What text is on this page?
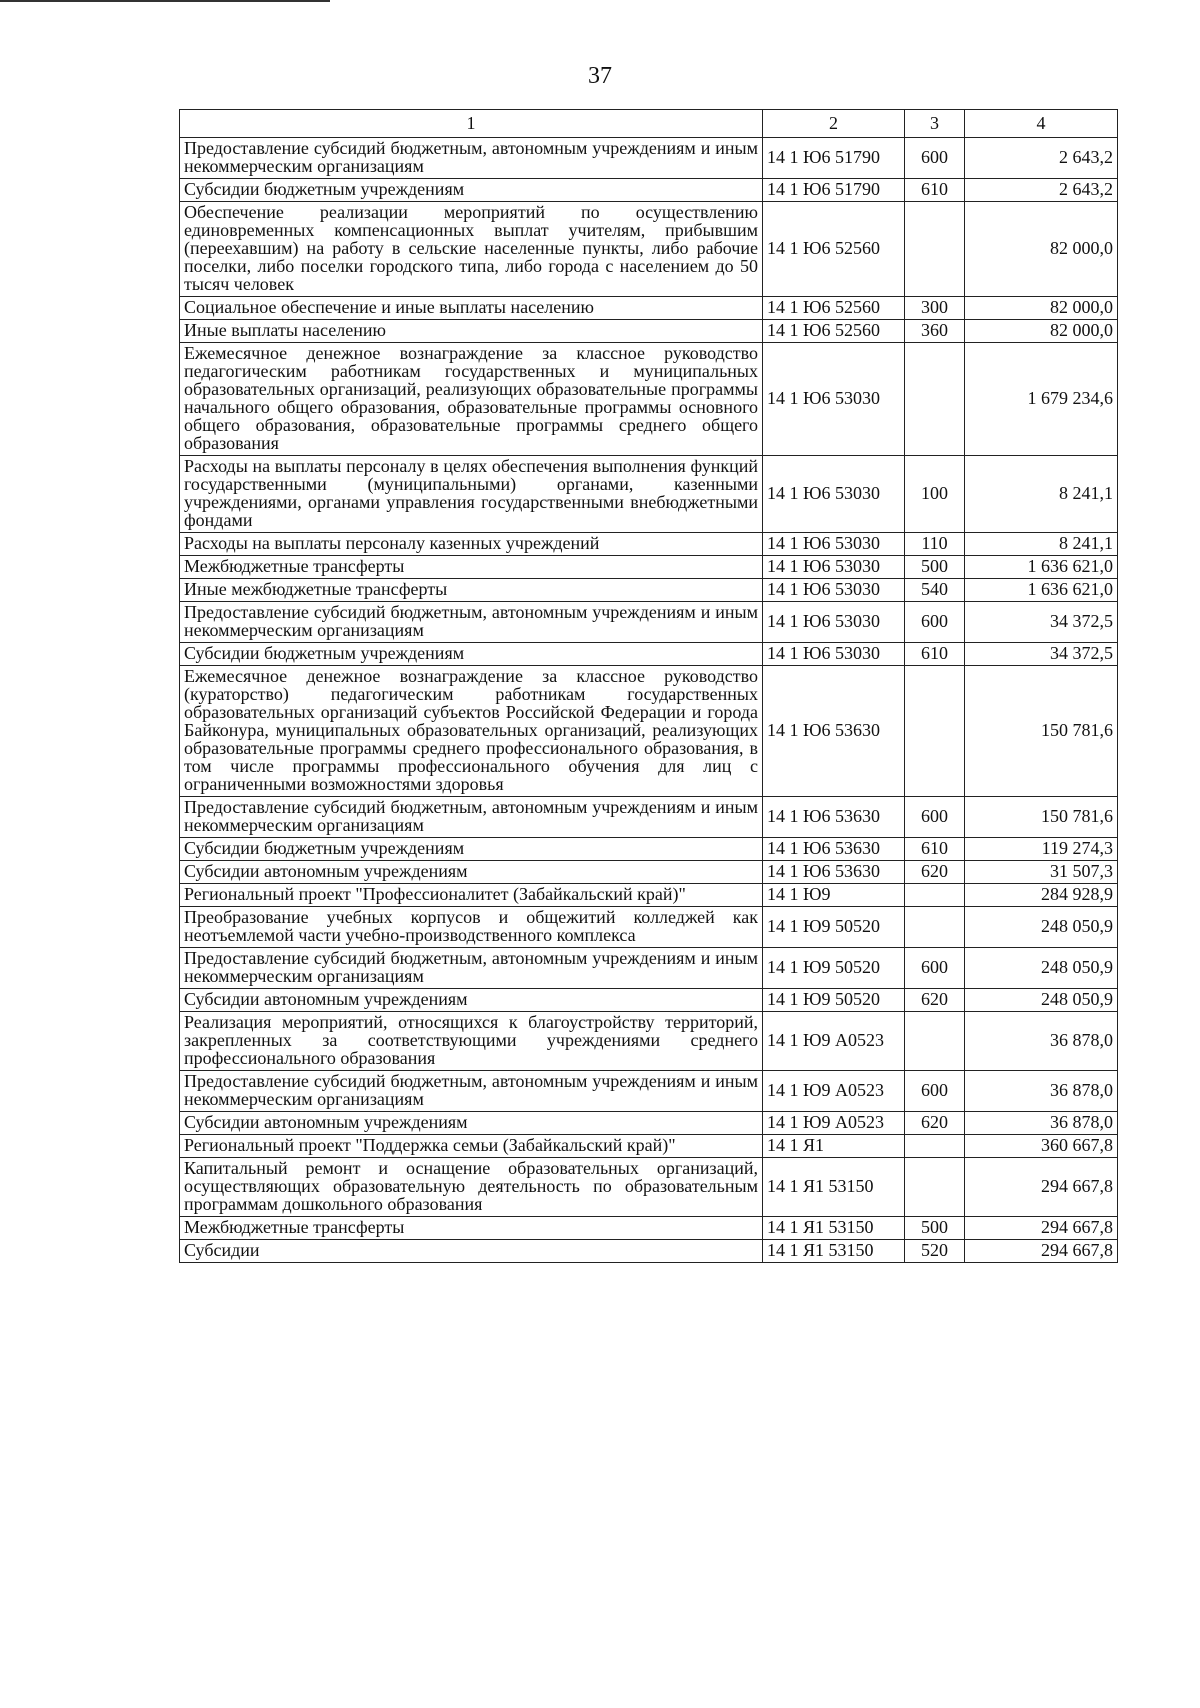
37
1	2	3	4
Предоставление субсидий бюджетным, автономным учреждениям и иным некоммерческим организациям	14 1 Ю6 51790	600	2 643,2
Субсидии бюджетным учреждениям	14 1 Ю6 51790	610	2 643,2
Обеспечение реализации мероприятий по осуществлению единовременных компенсационных выплат учителям, прибывшим (переехавшим) на работу в сельские населенные пункты, либо рабочие поселки, либо поселки городского типа, либо города с населением до 50 тысяч человек	14 1 Ю6 52560		82 000,0
Социальное обеспечение и иные выплаты населению	14 1 Ю6 52560	300	82 000,0
Иные выплаты населению	14 1 Ю6 52560	360	82 000,0
Ежемесячное денежное вознаграждение за классное руководство педагогическим работникам государственных и муниципальных образовательных организаций, реализующих образовательные программы начального общего образования, образовательные программы основного общего образования, образовательные программы среднего общего образования	14 1 Ю6 53030		1 679 234,6
Расходы на выплаты персоналу в целях обеспечения выполнения функций государственными (муниципальными) органами, казенными учреждениями, органами управления государственными внебюджетными фондами	14 1 Ю6 53030	100	8 241,1
Расходы на выплаты персоналу казенных учреждений	14 1 Ю6 53030	110	8 241,1
Межбюджетные трансферты	14 1 Ю6 53030	500	1 636 621,0
Иные межбюджетные трансферты	14 1 Ю6 53030	540	1 636 621,0
Предоставление субсидий бюджетным, автономным учреждениям и иным некоммерческим организациям	14 1 Ю6 53030	600	34 372,5
Субсидии бюджетным учреждениям	14 1 Ю6 53030	610	34 372,5
Ежемесячное денежное вознаграждение за классное руководство (кураторство) педагогическим работникам государственных образовательных организаций субъектов Российской Федерации и города Байконура, муниципальных образовательных организаций, реализующих образовательные программы среднего профессионального образования, в том числе программы профессионального обучения для лиц с ограниченными возможностями здоровья	14 1 Ю6 53630		150 781,6
Предоставление субсидий бюджетным, автономным учреждениям и иным некоммерческим организациям	14 1 Ю6 53630	600	150 781,6
Субсидии бюджетным учреждениям	14 1 Ю6 53630	610	119 274,3
Субсидии автономным учреждениям	14 1 Ю6 53630	620	31 507,3
Региональный проект "Профессионалитет (Забайкальский край)"	14 1 Ю9		284 928,9
Преобразование учебных корпусов и общежитий колледжей как неотъемлемой части учебно-производственного комплекса	14 1 Ю9 50520		248 050,9
Предоставление субсидий бюджетным, автономным учреждениям и иным некоммерческим организациям	14 1 Ю9 50520	600	248 050,9
Субсидии автономным учреждениям	14 1 Ю9 50520	620	248 050,9
Реализация мероприятий, относящихся к благоустройству территорий, закрепленных за соответствующими учреждениями среднего профессионального образования	14 1 Ю9 А0523		36 878,0
Предоставление субсидий бюджетным, автономным учреждениям и иным некоммерческим организациям	14 1 Ю9 А0523	600	36 878,0
Субсидии автономным учреждениям	14 1 Ю9 А0523	620	36 878,0
Региональный проект "Поддержка семьи (Забайкальский край)"	14 1 Я1		360 667,8
Капитальный ремонт и оснащение образовательных организаций, осуществляющих образовательную деятельность по образовательным программам дошкольного образования	14 1 Я1 53150		294 667,8
Межбюджетные трансферты	14 1 Я1 53150	500	294 667,8
Субсидии	14 1 Я1 53150	520	294 667,8
